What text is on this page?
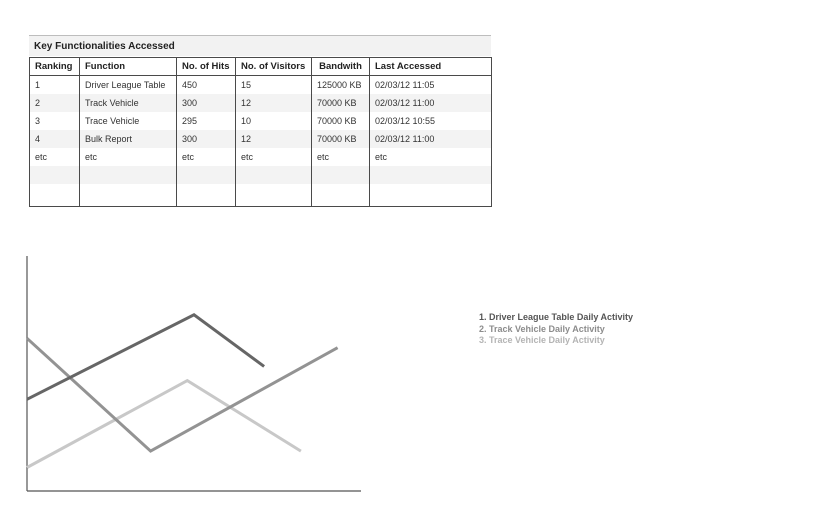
Key Functionalities Accessed
Ranking	Function	No. of Hits	No. of Visitors	Bandwith	Last Accessed
1	Driver League Table	450	15	125000 KB	02/03/12 11:05
2	Track Vehicle	300	12	70000 KB	02/03/12 11:00
3	Trace Vehicle	295	10	70000 KB	02/03/12 10:55
4	Bulk Report	300	12	70000 KB	02/03/12 11:00
etc	etc	etc	etc	etc	etc

1. Driver League Table Daily Activity
2. Track Vehicle Daily Activity
3. Trace Vehicle Daily Activity
